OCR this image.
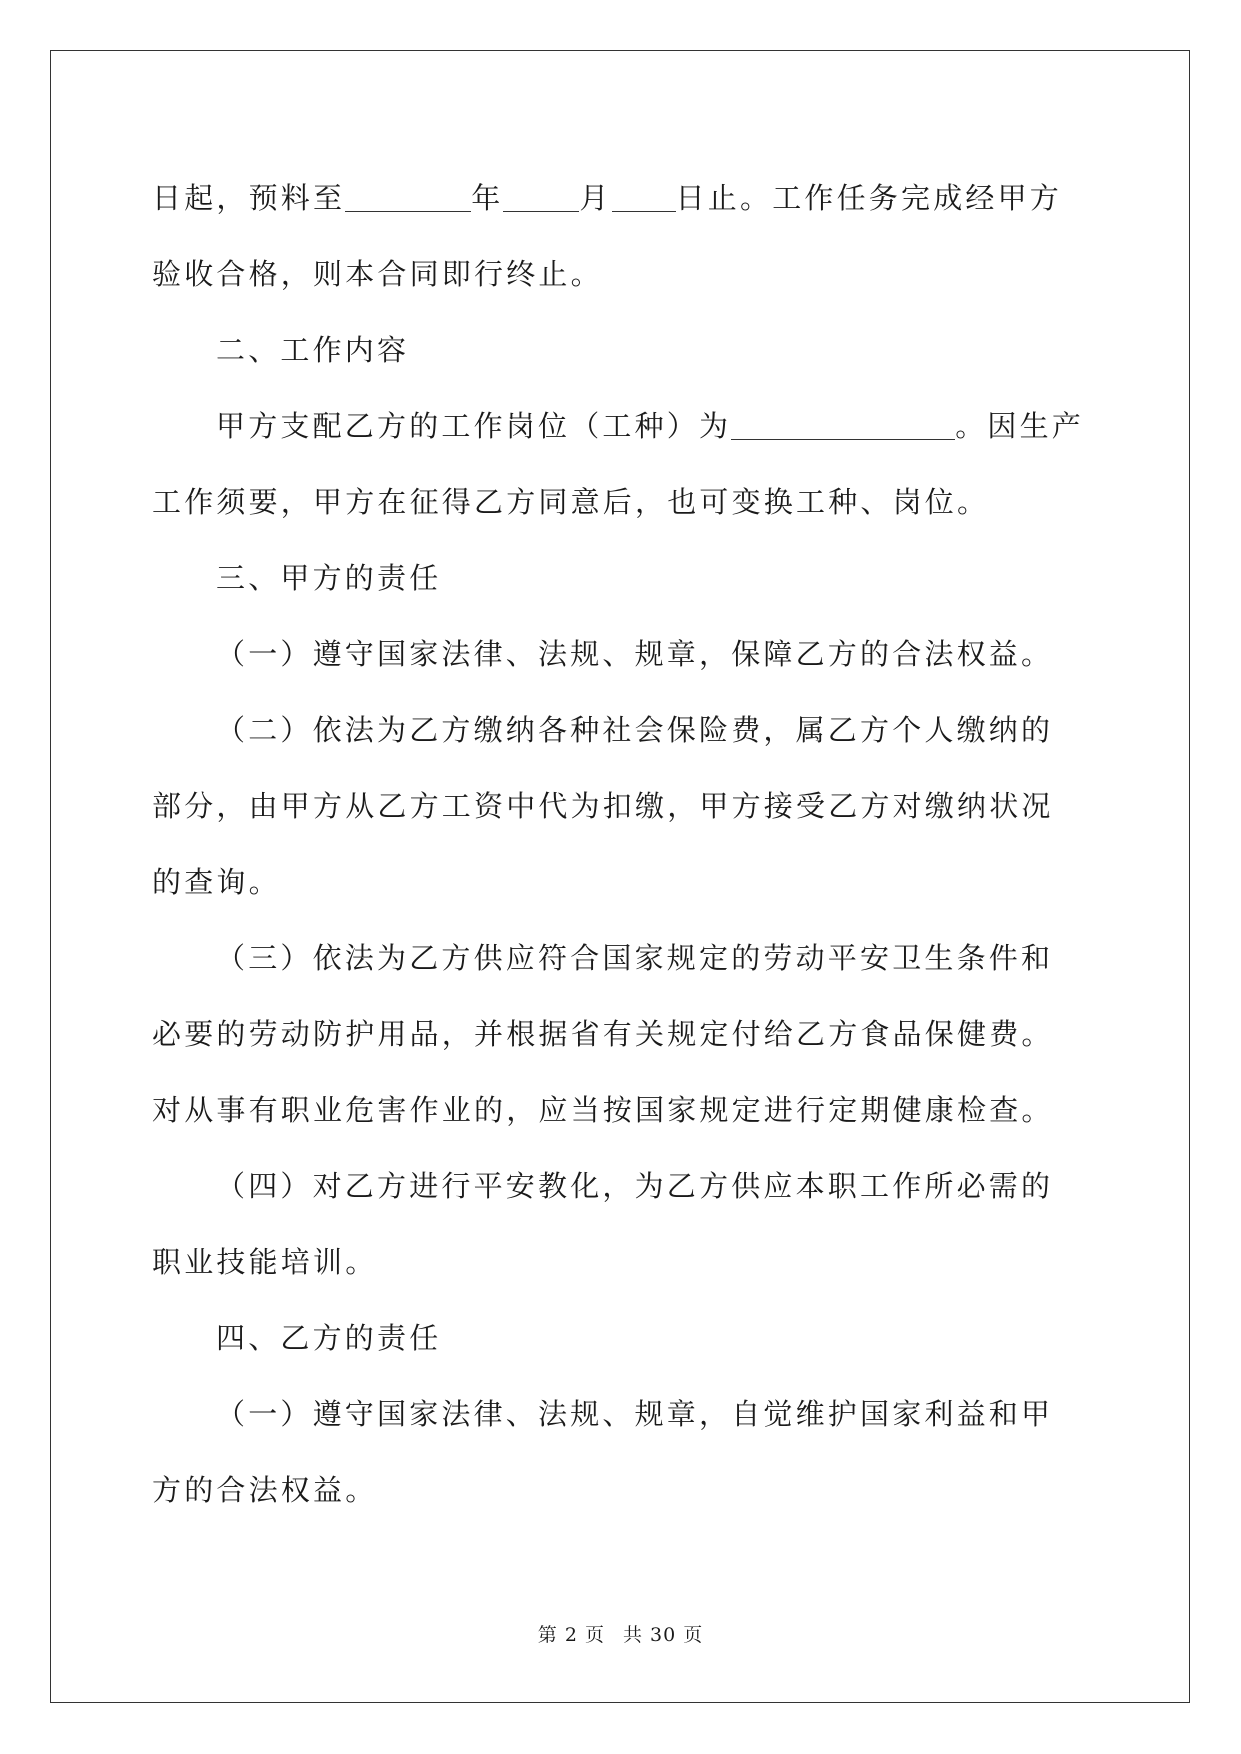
日起，预料至	年	月 日止。工作任务完成经甲方验收合格，则本合同即行终止。

二、工作内容

甲方支配乙方的工作岗位（工种）为	。因生产工作须要，甲方在征得乙方同意后，也可变换工种、岗位。

三、甲方的责任

（一）遵守国家法律、法规、规章，保障乙方的合法权益。

（二）依法为乙方缴纳各种社会保险费，属乙方个人缴纳的部分，由甲方从乙方工资中代为扣缴，甲方接受乙方对缴纳状况的查询。

（三）依法为乙方供应符合国家规定的劳动平安卫生条件和必要的劳动防护用品，并根据省有关规定付给乙方食品保健费。对从事有职业危害作业的，应当按国家规定进行定期健康检查。

（四）对乙方进行平安教化，为乙方供应本职工作所必需的职业技能培训。

四、乙方的责任

（一）遵守国家法律、法规、规章，自觉维护国家利益和甲方的合法权益。

第 2 页 共 30 页
